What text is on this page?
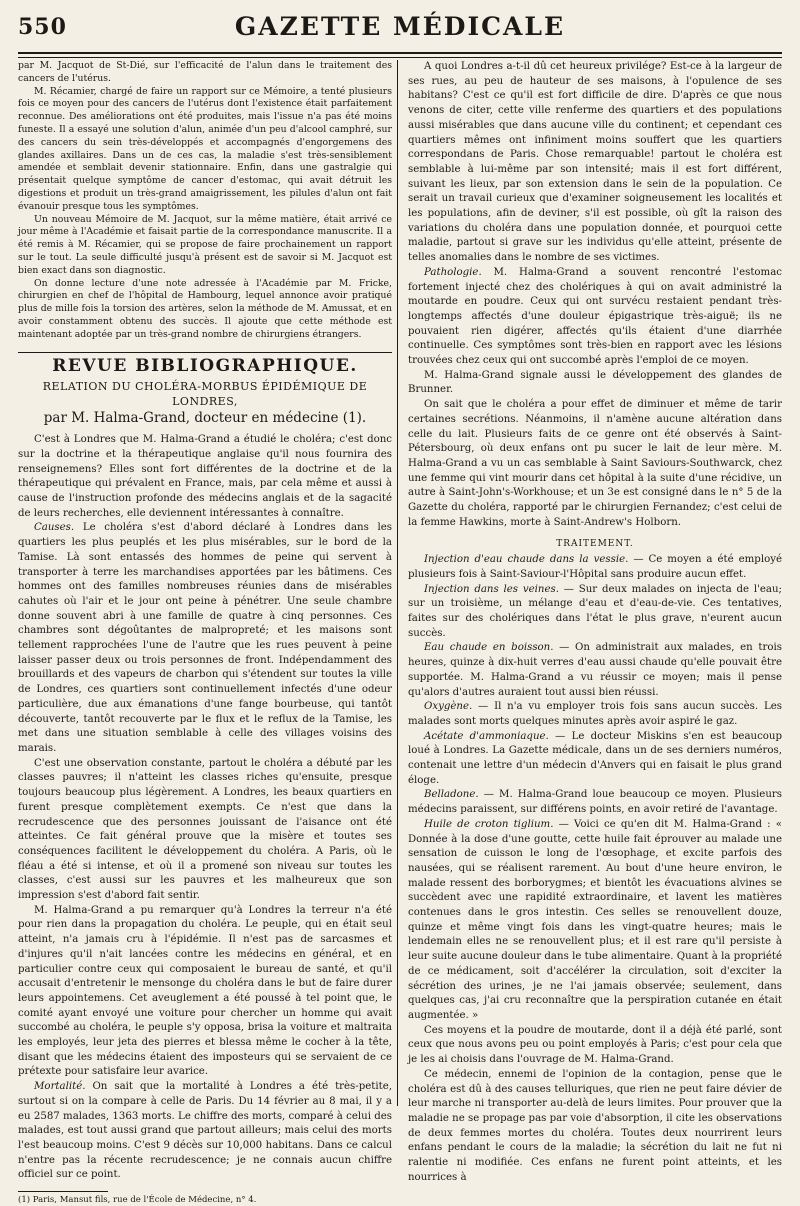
550	GAZETTE MÉDICALE

par M. Jacquot de St-Dié, sur l'efficacité de l'alun dans le traitement des cancers de l'utérus.

M. Récamier, chargé de faire un rapport sur ce Mémoire, a tenté plusieurs fois ce moyen pour des cancers de l'utérus dont l'existence était parfaitement reconnue. Des améliorations ont été produites, mais l'issue n'a pas été moins funeste. Il a essayé une solution d'alun, animée d'un peu d'alcool camphré, sur des cancers du sein très-développés et accompagnés d'engorgemens des glandes axillaires. Dans un de ces cas, la maladie s'est très-sensiblement amendée et semblait devenir stationnaire. Enfin, dans une gastralgie qui présentait quelque symptôme de cancer d'estomac, qui avait détruit les digestions et produit un très-grand amaigrissement, les pilules d'alun ont fait évanouir presque tous les symptômes.

Un nouveau Mémoire de M. Jacquot, sur la même matière, était arrivé ce jour même à l'Académie et faisait partie de la correspondance manuscrite. Il a été remis à M. Récamier, qui se propose de faire prochainement un rapport sur le tout. La seule difficulté jusqu'à présent est de savoir si M. Jacquot est bien exact dans son diagnostic.

On donne lecture d'une note adressée à l'Académie par M. Fricke, chirurgien en chef de l'hôpital de Hambourg, lequel annonce avoir pratiqué plus de mille fois la torsion des artères, selon la méthode de M. Amussat, et en avoir constamment obtenu des succès. Il ajoute que cette méthode est maintenant adoptée par un très-grand nombre de chirurgiens étrangers.

REVUE BIBLIOGRAPHIQUE.
RELATION DU CHOLÉRA-MORBUS ÉPIDÉMIQUE DE LONDRES,
par M. Halma-Grand, docteur en médecine (1).

C'est à Londres que M. Halma-Grand a étudié le choléra; c'est donc sur la doctrine et la thérapeutique anglaise qu'il nous fournira des renseignemens? Elles sont fort différentes de la doctrine et de la thérapeutique qui prévalent en France, mais, par cela même et aussi à cause de l'instruction profonde des médecins anglais et de la sagacité de leurs recherches, elle deviennent intéressantes à connaître.

Causes. Le choléra s'est d'abord déclaré à Londres dans les quartiers les plus peuplés et les plus misérables, sur le bord de la Tamise. Là sont entassés des hommes de peine qui servent à transporter à terre les marchandises apportées par les bâtimens. Ces hommes ont des familles nombreuses réunies dans de misérables cahutes où l'air et le jour ont peine à pénétrer. Une seule chambre donne souvent abri à une famille de quatre à cinq personnes. Ces chambres sont dégoûtantes de malpropreté; et les maisons sont tellement rapprochées l'une de l'autre que les rues peuvent à peine laisser passer deux ou trois personnes de front. Indépendamment des brouillards et des vapeurs de charbon qui s'étendent sur toutes la ville de Londres, ces quartiers sont continuellement infectés d'une odeur particulière, due aux émanations d'une fange bourbeuse, qui tantôt découverte, tantôt recouverte par le flux et le reflux de la Tamise, les met dans une situation semblable à celle des villages voisins des marais.

C'est une observation constante, partout le choléra a débuté par les classes pauvres; il n'atteint les classes riches qu'ensuite, presque toujours beaucoup plus légèrement. A Londres, les beaux quartiers en furent presque complètement exempts. Ce n'est que dans la recrudescence que des personnes jouissant de l'aisance ont été atteintes. Ce fait général prouve que la misère et toutes ses conséquences facilitent le développement du choléra. A Paris, où le fléau a été si intense, et où il a promené son niveau sur toutes les classes, c'est aussi sur les pauvres et les malheureux que son impression s'est d'abord fait sentir.

M. Halma-Grand a pu remarquer qu'à Londres la terreur n'a été pour rien dans la propagation du choléra. Le peuple, qui en était seul atteint, n'a jamais cru à l'épidémie. Il n'est pas de sarcasmes et d'injures qu'il n'ait lancées contre les médecins en général, et en particulier contre ceux qui composaient le bureau de santé, et qu'il accusait d'entretenir le mensonge du choléra dans le but de faire durer leurs appointemens. Cet aveuglement a été poussé à tel point que, le comité ayant envoyé une voiture pour chercher un homme qui avait succombé au choléra, le peuple s'y opposa, brisa la voiture et maltraita les employés, leur jeta des pierres et blessa même le cocher à la tête, disant que les médecins étaient des imposteurs qui se servaient de ce prétexte pour satisfaire leur avarice.

Mortalité. On sait que la mortalité à Londres a été très-petite, surtout si on la compare à celle de Paris. Du 14 février au 8 mai, il y a eu 2587 malades, 1363 morts. Le chiffre des morts, comparé à celui des malades, est tout aussi grand que partout ailleurs; mais celui des morts l'est beaucoup moins. C'est 9 décès sur 10,000 habitans. Dans ce calcul n'entre pas la récente recrudescence; je ne connais aucun chiffre officiel sur ce point.

(1) Paris, Mansut fils, rue de l'École de Médecine, n° 4.

A quoi Londres a-t-il dû cet heureux privilége? Est-ce à la largeur de ses rues, au peu de hauteur de ses maisons, à l'opulence de ses habitans? C'est ce qu'il est fort difficile de dire. D'après ce que nous venons de citer, cette ville renferme des quartiers et des populations aussi misérables que dans aucune ville du continent; et cependant ces quartiers mêmes ont infiniment moins souffert que les quartiers correspondans de Paris. Chose remarquable! partout le choléra est semblable à lui-même par son intensité; mais il est fort différent, suivant les lieux, par son extension dans le sein de la population. Ce serait un travail curieux que d'examiner soigneusement les localités et les populations, afin de deviner, s'il est possible, où gît la raison des variations du choléra dans une population donnée, et pourquoi cette maladie, partout si grave sur les individus qu'elle atteint, présente de telles anomalies dans le nombre de ses victimes.

Pathologie. M. Halma-Grand a souvent rencontré l'estomac fortement injecté chez des cholériques à qui on avait administré la moutarde en poudre. Ceux qui ont survécu restaient pendant très-longtemps affectés d'une douleur épigastrique très-aiguë; ils ne pouvaient rien digérer, affectés qu'ils étaient d'une diarrhée continuelle. Ces symptômes sont très-bien en rapport avec les lésions trouvées chez ceux qui ont succombé après l'emploi de ce moyen.

M. Halma-Grand signale aussi le développement des glandes de Brunner.

On sait que le choléra a pour effet de diminuer et même de tarir certaines secrétions. Néanmoins, il n'amène aucune altération dans celle du lait. Plusieurs faits de ce genre ont été observés à Saint-Pétersbourg, où deux enfans ont pu sucer le lait de leur mère. M. Halma-Grand a vu un cas semblable à Saint Saviours-Southwarck, chez une femme qui vint mourir dans cet hôpital à la suite d'une récidive, un autre à Saint-John's-Workhouse; et un 3e est consigné dans le n° 5 de la Gazette du choléra, rapporté par le chirurgien Fernandez; c'est celui de la femme Hawkins, morte à Saint-Andrew's Holborn.

TRAITEMENT.

Injection d'eau chaude dans la vessie. — Ce moyen a été employé plusieurs fois à Saint-Saviour-l'Hôpital sans produire aucun effet.

Injection dans les veines. — Sur deux malades on injecta de l'eau; sur un troisième, un mélange d'eau et d'eau-de-vie. Ces tentatives, faites sur des cholériques dans l'état le plus grave, n'eurent aucun succès.

Eau chaude en boisson. — On administrait aux malades, en trois heures, quinze à dix-huit verres d'eau aussi chaude qu'elle pouvait être supportée. M. Halma-Grand a vu réussir ce moyen; mais il pense qu'alors d'autres auraient tout aussi bien réussi.

Oxygène. — Il n'a vu employer trois fois sans aucun succès. Les malades sont morts quelques minutes après avoir aspiré le gaz.

Acétate d'ammoniaque. — Le docteur Miskins s'en est beaucoup loué à Londres. La Gazette médicale, dans un de ses derniers numéros, contenait une lettre d'un médecin d'Anvers qui en faisait le plus grand éloge.

Belladone. — M. Halma-Grand loue beaucoup ce moyen. Plusieurs médecins paraissent, sur différens points, en avoir retiré de l'avantage.

Huile de croton tiglium. — Voici ce qu'en dit M. Halma-Grand : « Donnée à la dose d'une goutte, cette huile fait éprouver au malade une sensation de cuisson le long de l'œsophage, et excite parfois des nausées, qui se réalisent rarement. Au bout d'une heure environ, le malade ressent des borborygmes; et bientôt les évacuations alvines se succèdent avec une rapidité extraordinaire, et lavent les matières contenues dans le gros intestin. Ces selles se renouvellent douze, quinze et même vingt fois dans les vingt-quatre heures; mais le lendemain elles ne se renouvellent plus; et il est rare qu'il persiste à leur suite aucune douleur dans le tube alimentaire. Quant à la propriété de ce médicament, soit d'accélérer la circulation, soit d'exciter la sécrétion des urines, je ne l'ai jamais observée; seulement, dans quelques cas, j'ai cru reconnaître que la perspiration cutanée en était augmentée. »

Ces moyens et la poudre de moutarde, dont il a déjà été parlé, sont ceux que nous avons peu ou point employés à Paris; c'est pour cela que je les ai choisis dans l'ouvrage de M. Halma-Grand.

Ce médecin, ennemi de l'opinion de la contagion, pense que le choléra est dû à des causes telluriques, que rien ne peut faire dévier de leur marche ni transporter au-delà de leurs limites. Pour prouver que la maladie ne se propage pas par voie d'absorption, il cite les observations de deux femmes mortes du choléra. Toutes deux nourrirent leurs enfans pendant le cours de la maladie; la sécrétion du lait ne fut ni ralentie ni modifiée. Ces enfans ne furent point atteints, et les nourrices à
